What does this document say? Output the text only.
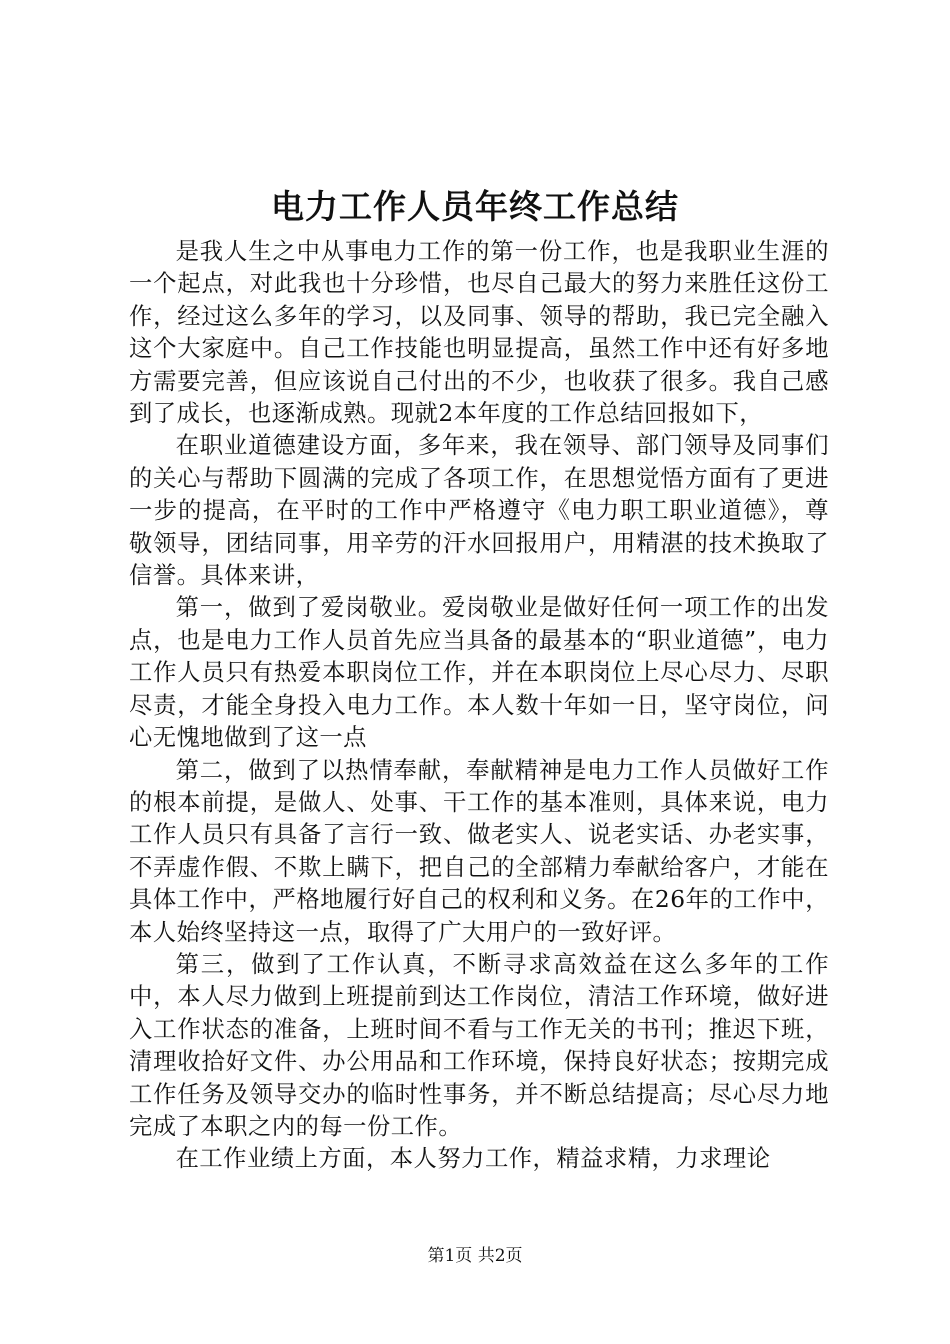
电力工作人员年终工作总结

是我人生之中从事电力工作的第一份工作，也是我职业生涯的一个起点，对此我也十分珍惜，也尽自己最大的努力来胜任这份工作，经过这么多年的学习，以及同事、领导的帮助，我已完全融入这个大家庭中。自己工作技能也明显提高，虽然工作中还有好多地方需要完善，但应该说自己付出的不少，也收获了很多。我自己感到了成长，也逐渐成熟。现就2本年度的工作总结回报如下，

在职业道德建设方面，多年来，我在领导、部门领导及同事们的关心与帮助下圆满的完成了各项工作，在思想觉悟方面有了更进一步的提高，在平时的工作中严格遵守《电力职工职业道德》，尊敬领导，团结同事，用辛劳的汗水回报用户，用精湛的技术换取了信誉。具体来讲，

第一，做到了爱岗敬业。爱岗敬业是做好任何一项工作的出发点，也是电力工作人员首先应当具备的最基本的“职业道德”，电力工作人员只有热爱本职岗位工作，并在本职岗位上尽心尽力、尽职尽责，才能全身投入电力工作。本人数十年如一日，坚守岗位，问心无愧地做到了这一点

第二，做到了以热情奉献，奉献精神是电力工作人员做好工作的根本前提，是做人、处事、干工作的基本准则，具体来说，电力工作人员只有具备了言行一致、做老实人、说老实话、办老实事，不弄虚作假、不欺上瞒下，把自己的全部精力奉献给客户，才能在具体工作中，严格地履行好自己的权利和义务。在26年的工作中，本人始终坚持这一点，取得了广大用户的一致好评。

第三，做到了工作认真，不断寻求高效益在这么多年的工作中，本人尽力做到上班提前到达工作岗位，清洁工作环境，做好进入工作状态的准备，上班时间不看与工作无关的书刊；推迟下班，清理收拾好文件、办公用品和工作环境，保持良好状态；按期完成工作任务及领导交办的临时性事务，并不断总结提高；尽心尽力地完成了本职之内的每一份工作。

在工作业绩上方面，本人努力工作，精益求精，力求理论

第1页 共2页
